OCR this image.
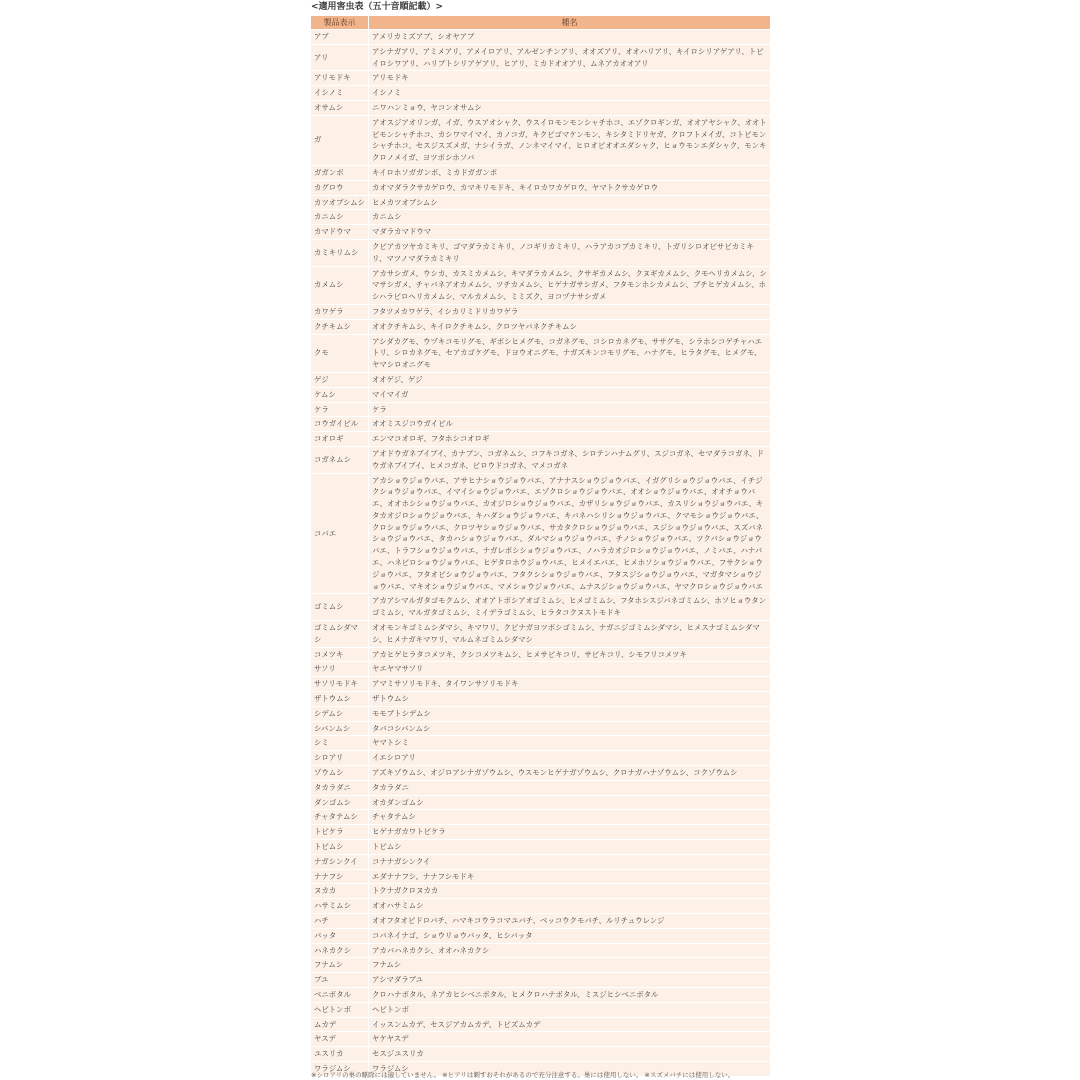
<適用害虫表（五十音順記載）>
製品表示	種名
アブ	アメリカミズアブ、シオヤアブ
アリ	アシナガアリ、アミメアリ、アメイロアリ、アルゼンチンアリ、オオズアリ、オオハリアリ、キイロシリアゲアリ、トビイロシワアリ、ハリブトシリアゲアリ、ヒアリ、ミカドオオアリ、ムネアカオオアリ
アリモドキ	アリモドキ
イシノミ	イシノミ
オサムシ	ニワハンミョウ、ヤコンオサムシ
ガ	アオスジアオリンガ、イガ、ウスアオシャク、ウスイロモンモンシャチホコ、エゾクロギンガ、オオアヤシャク、オオトビモンシャチホコ、カシワマイマイ、カノコガ、キクビゴマケンモン、キシタミドリヤガ、クロフトメイガ、コトビモンシャチホコ、セスジスズメガ、ナシイラガ、ノンネマイマイ、ヒロオビオオエダシャク、ヒョウモンエダシャク、モンキクロノメイガ、ヨツボシホソバ
ガガンボ	キイロホソガガンボ、ミカドガガンボ
カグロウ	カオマダラクサカゲロウ、カマキリモドキ、キイロカワカゲロウ、ヤマトクサカゲロウ
カツオブシムシ	ヒメカツオブシムシ
カニムシ	カニムシ
カマドウマ	マダラカマドウマ
カミキリムシ	クビアカツヤカミキリ、ゴマダラカミキリ、ノコギリカミキリ、ハラアカコブカミキリ、トガリシロオビサビカミキリ、マツノマダラカミキリ
カメムシ	アカサシガメ、ウシカ、カスミカメムシ、キマダラカメムシ、クサギカメムシ、クヌギカメムシ、クモヘリカメムシ、シマサシガメ、チャバネアオカメムシ、ツチカメムシ、ヒゲナガサシガメ、フタモンホシカメムシ、ブチヒゲカメムシ、ホシハラビロヘリカメムシ、マルカメムシ、ミミズク、ヨコヅナサシガメ
カワゲラ	フタツメカワゲラ、イシカリミドリカワゲラ
クチキムシ	オオクチキムシ、キイロクチキムシ、クロツヤバネクチキムシ
クモ	アシダカグモ、ウヅキコモリグモ、ギボシヒメグモ、コガネグモ、コシロカネグモ、ササグモ、シラホシコゲチャハエトリ、シロカネグモ、セアカゴケグモ、ドヨウオニグモ、ナガズキンコモリグモ、ハナグモ、ヒラタグモ、ヒメグモ、ヤマシロオニグモ
ゲジ	オオゲジ、ゲジ
ケムシ	マイマイガ
ケラ	ケラ
コウガイビル	オオミスジコウガイビル
コオロギ	エンマコオロギ、フタホシコオロギ
コガネムシ	アオドウガネブイブイ、カナブン、コガネムシ、コフキコガネ、シロテンハナムグリ、スジコガネ、セマダラコガネ、ドウガネブイブイ、ヒメコガネ、ビロウドコガネ、マメコガネ
コバエ	アカショウジョウバエ、アサヒナショウジョウバエ、アナナスショウジョウバエ、イガグリショウジョウバエ、イチジクショウジョウバエ、イマイショウジョウバエ、エゾクロショウジョウバエ、オオショウジョウバエ、オオチョウバエ、オオホシショウジョウバエ、カオジロショウジョウバエ、カザリショウジョウバエ、カスリショウジョウバエ、キタカオジロショウジョウバエ、キハダショウジョウバエ、キバネハシリショウジョウバエ、クマモショウジョウバエ、クロショウジョウバエ、クロツヤショウジョウバエ、サカタクロショウジョウバエ、スジショウジョウバエ、スズバネショウジョウバエ、タカハショウジョウバエ、ダルマショウジョウバエ、チノショウジョウバエ、ツクバショウジョウバエ、トラフショウジョウバエ、ナガレボシショウジョウバエ、ノハラカオジロショウジョウバエ、ノミバエ、ハナバエ、ハネビロショウジョウバエ、ヒゲタロホウジョウバエ、ヒメイエバエ、ヒメホソショウジョウバエ、フサクショウジョウバエ、フタオビショウジョウバエ、フタクシショウジョウバエ、フタスジショウジョウバエ、マガタマショウジョウバエ、マキオショウジョウバエ、マメショウジョウバエ、ムナスジショウジョウバエ、ヤマクロショウジョウバエ
ゴミムシ	アカアシマルガタゴモクムシ、オオアトボシアオゴミムシ、ヒメゴミムシ、フタホシスジバネゴミムシ、ホソヒョウタンゴミムシ、マルガタゴミムシ、ミイデラゴミムシ、ヒラタコクヌストモドキ
ゴミムシダマシ	オオモンキゴミムシダマシ、キマワリ、クビナガヨツボシゴミムシ、ナガニジゴミムシダマシ、ヒメスナゴミムシダマシ、ヒメナガキマワリ、マルムネゴミムシダマシ
コメツキ	アカヒゲヒラタコメツキ、クシコメツキムシ、ヒメサビキコリ、サビキコリ、シモフリコメツキ
サソリ	ヤエヤマサソリ
サソリモドキ	アマミサソリモドキ、タイワンサソリモドキ
ザトウムシ	ザトウムシ
シデムシ	モモブトシデムシ
シバンムシ	タバコシバンムシ
シミ	ヤマトシミ
シロアリ	イエシロアリ
ゾウムシ	アズキゾウムシ、オジロアシナガゾウムシ、ウスモンヒゲナガゾウムシ、クロナガハナゾウムシ、コクゾウムシ
タカラダニ	タカラダニ
ダンゴムシ	オカダンゴムシ
チャタテムシ	チャタテムシ
トビケラ	ヒゲナガカワトビケラ
トビムシ	トビムシ
ナガシンクイ	コナナガシンクイ
ナナフシ	エダナナフシ、ナナフシモドキ
ヌカカ	トクナガクロヌカカ
ハサミムシ	オオハサミムシ
ハチ	オオフタオビドロバチ、ハマキコウラコマユバチ、ベッコウクモバチ、ルリチュウレンジ
バッタ	コバネイナゴ、ショウリョウバッタ、ヒシバッタ
ハネカクシ	アカバハネカクシ、オオハネカクシ
フナムシ	フナムシ
ブユ	アシマダラブユ
ベニボタル	クロハナボタル、ネアカヒシベニボタル、ヒメクロハナボタル、ミスジヒシベニボタル
ヘビトンボ	ヘビトンボ
ムカデ	イッスンムカデ、セスジアカムカデ、トビズムカデ
ヤスデ	ヤケヤスデ
ユスリカ	セスジユスリカ
ワラジムシ	ワラジムシ
※シロアリの巣の駆除には適していません。 ※ヒアリは刺すおそれがあるので充分注意する。巣には使用しない。 ※スズメバチには使用しない。
